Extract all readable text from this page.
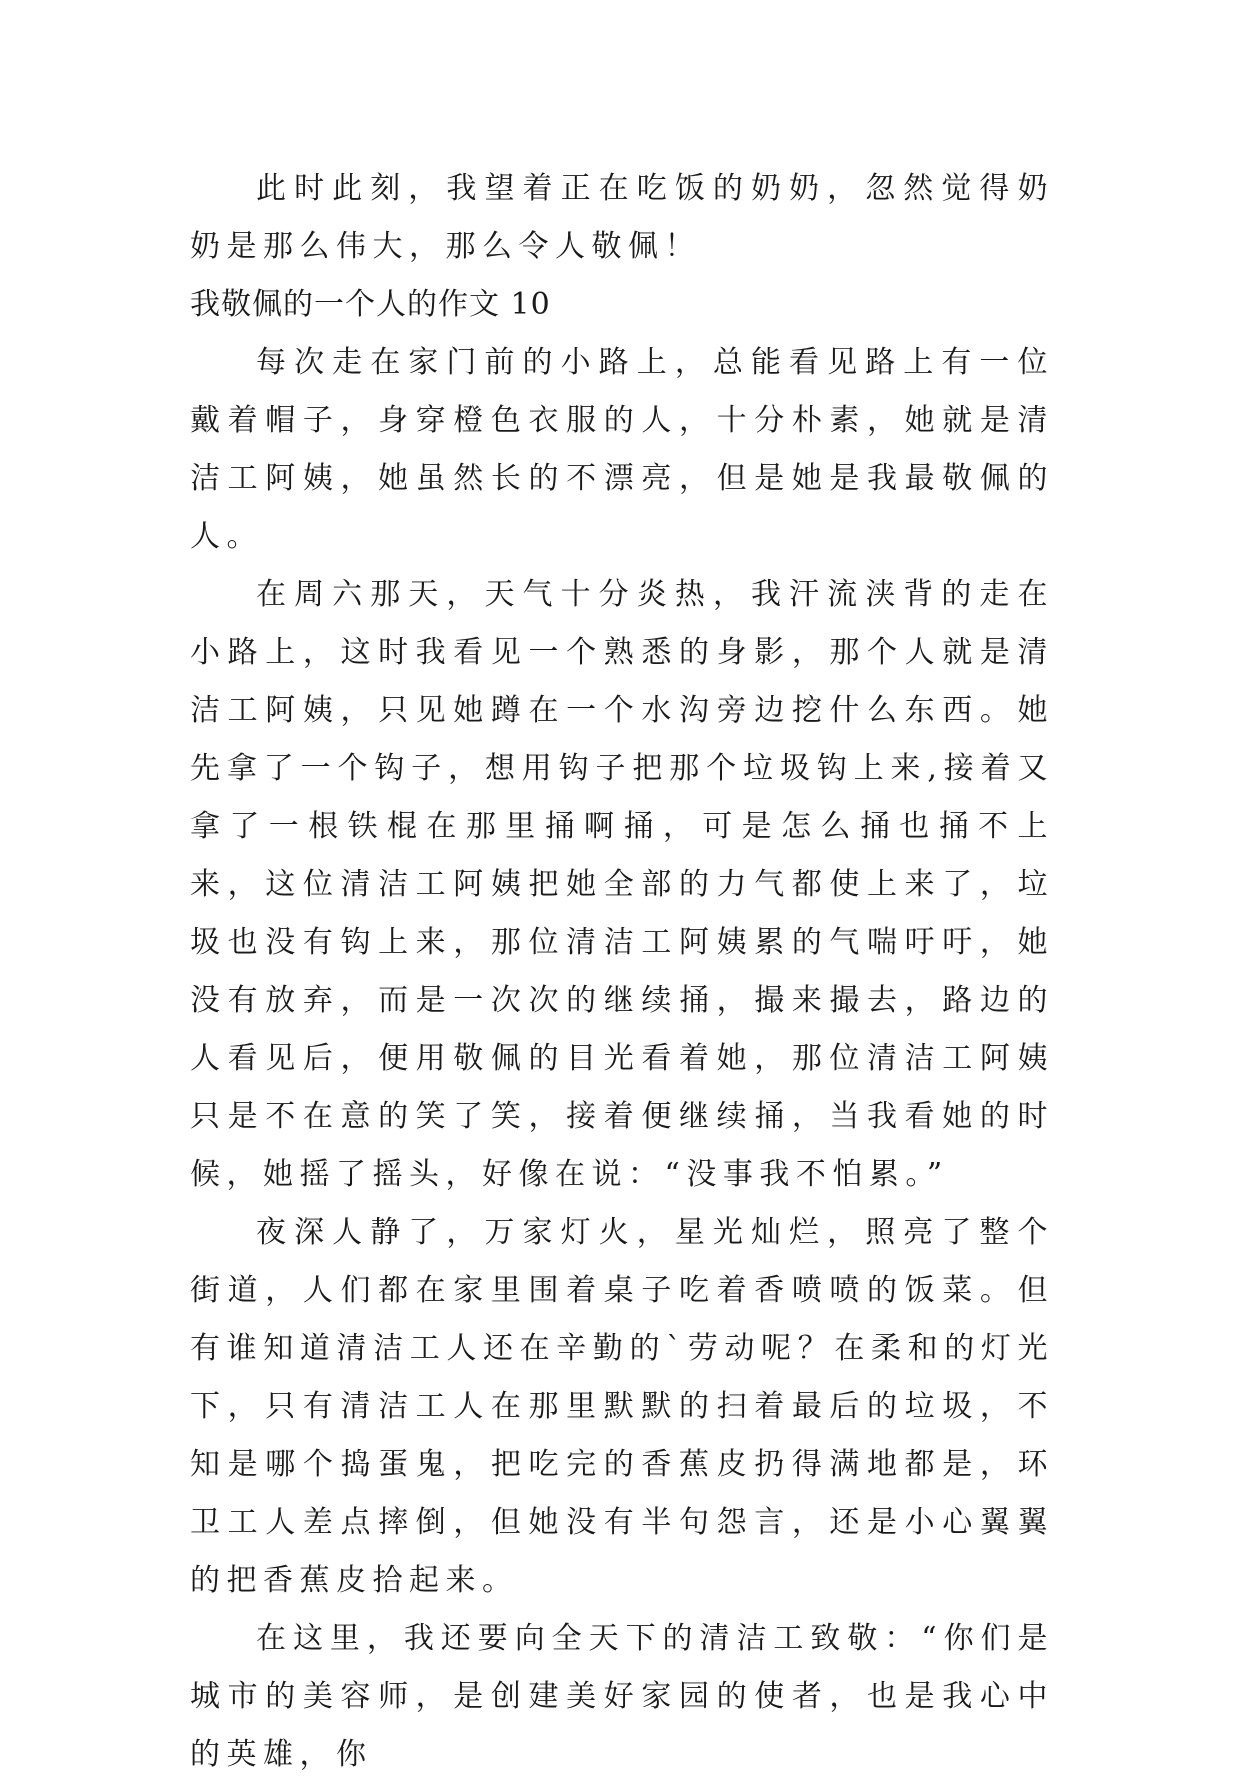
此时此刻，我望着正在吃饭的奶奶，忽然觉得奶奶是那么伟大，那么令人敬佩！

我敬佩的一个人的作文 10

每次走在家门前的小路上，总能看见路上有一位戴着帽子，身穿橙色衣服的人，十分朴素，她就是清洁工阿姨，她虽然长的不漂亮，但是她是我最敬佩的人。

在周六那天，天气十分炎热，我汗流浃背的走在小路上，这时我看见一个熟悉的身影，那个人就是清洁工阿姨，只见她蹲在一个水沟旁边挖什么东西。她先拿了一个钩子，想用钩子把那个垃圾钩上来,接着又拿了一根铁棍在那里捅啊捅，可是怎么捅也捅不上来，这位清洁工阿姨把她全部的力气都使上来了，垃圾也没有钩上来，那位清洁工阿姨累的气喘吁吁，她没有放弃，而是一次次的继续捅，撮来撮去，路边的人看见后，便用敬佩的目光看着她，那位清洁工阿姨只是不在意的笑了笑，接着便继续捅，当我看她的时候，她摇了摇头，好像在说：“没事我不怕累。”

夜深人静了，万家灯火，星光灿烂，照亮了整个街道，人们都在家里围着桌子吃着香喷喷的饭菜。但有谁知道清洁工人还在辛勤的`劳动呢？在柔和的灯光下，只有清洁工人在那里默默的扫着最后的垃圾，不知是哪个捣蛋鬼，把吃完的香蕉皮扔得满地都是，环卫工人差点摔倒，但她没有半句怨言，还是小心翼翼的把香蕉皮拾起来。

在这里，我还要向全天下的清洁工致敬：“你们是城市的美容师，是创建美好家园的使者，也是我心中的英雄，你
